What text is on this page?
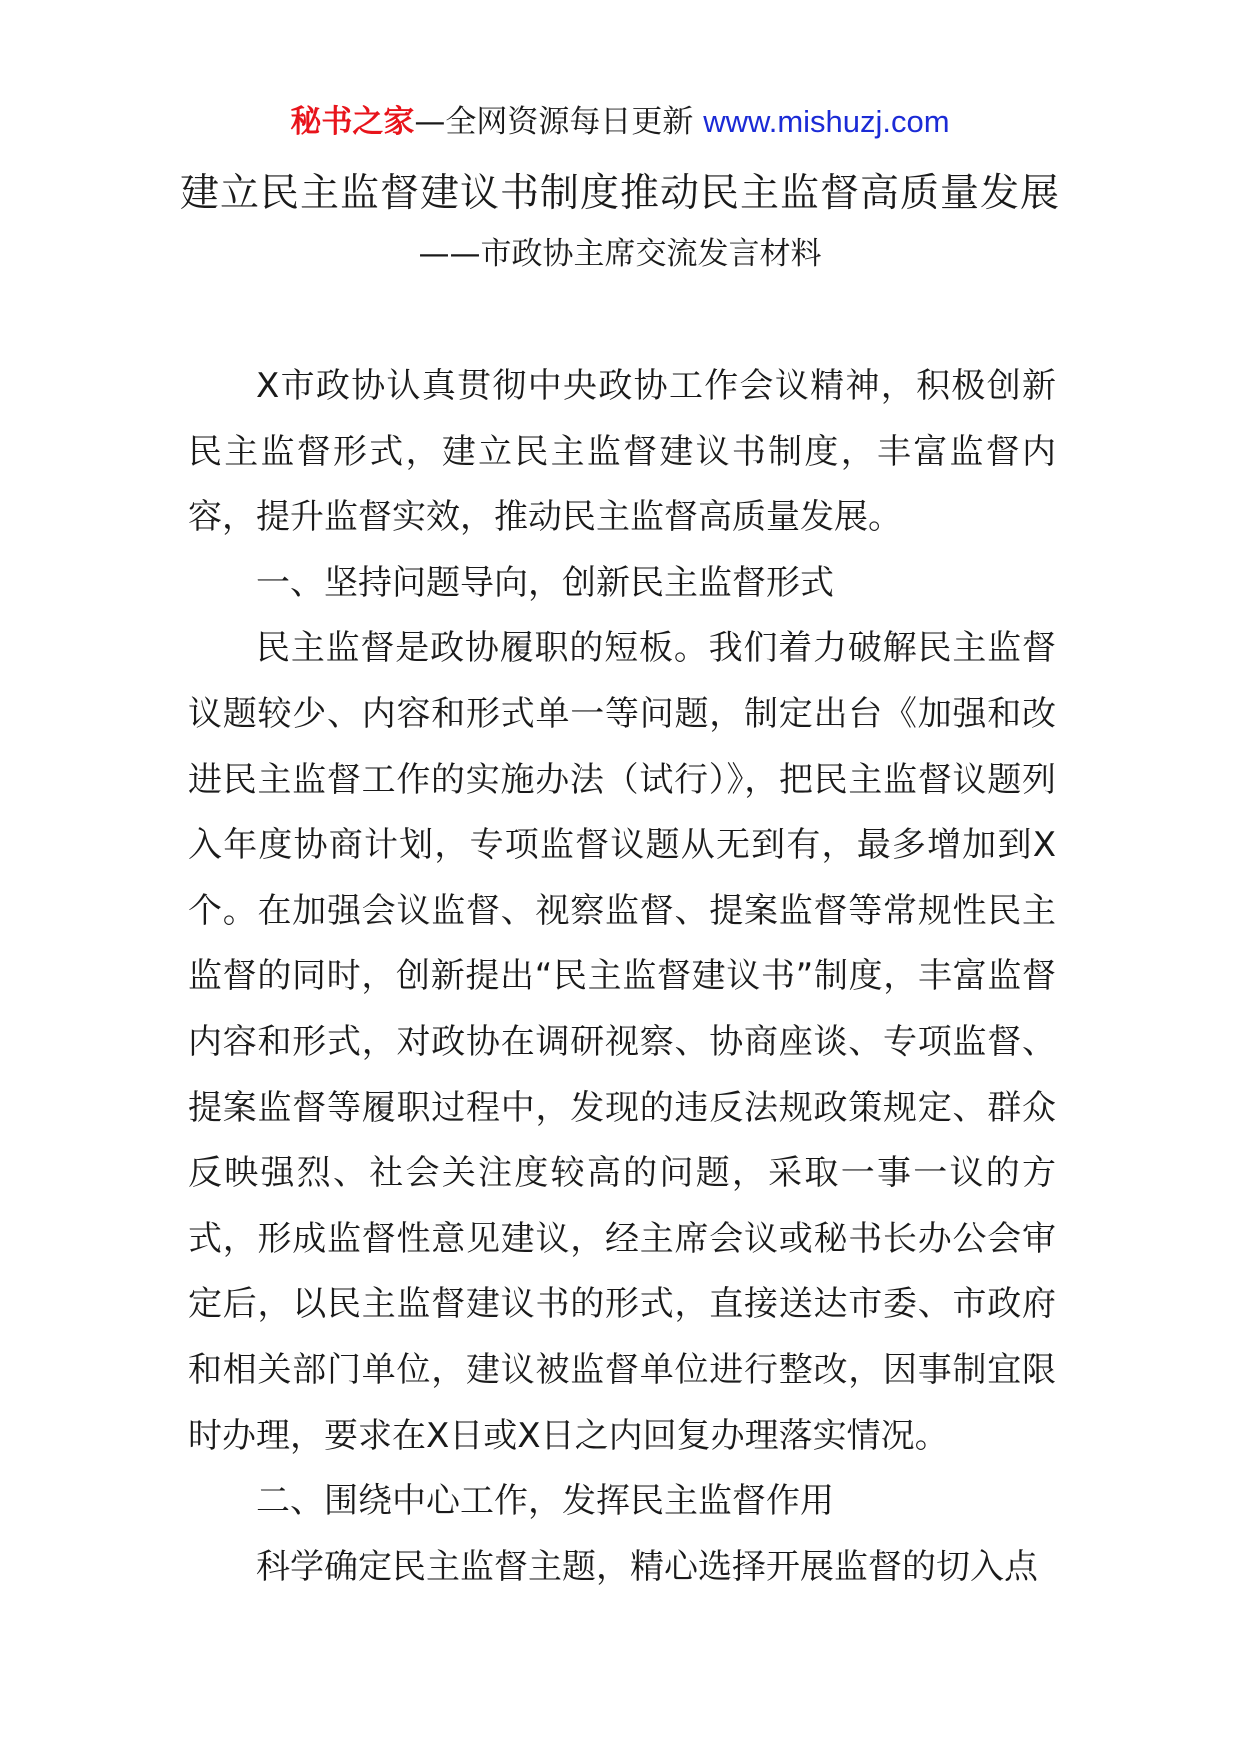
秘书之家—全网资源每日更新 www.mishuzj.com
建立民主监督建议书制度推动民主监督高质量发展
——市政协主席交流发言材料

X市政协认真贯彻中央政协工作会议精神，积极创新民主监督形式，建立民主监督建议书制度，丰富监督内容，提升监督实效，推动民主监督高质量发展。

一、坚持问题导向，创新民主监督形式

民主监督是政协履职的短板。我们着力破解民主监督议题较少、内容和形式单一等问题，制定出台《加强和改进民主监督工作的实施办法（试行）》，把民主监督议题列入年度协商计划，专项监督议题从无到有，最多增加到X个。在加强会议监督、视察监督、提案监督等常规性民主监督的同时，创新提出“民主监督建议书”制度，丰富监督内容和形式，对政协在调研视察、协商座谈、专项监督、提案监督等履职过程中，发现的违反法规政策规定、群众反映强烈、社会关注度较高的问题，采取一事一议的方式，形成监督性意见建议，经主席会议或秘书长办公会审定后，以民主监督建议书的形式，直接送达市委、市政府和相关部门单位，建议被监督单位进行整改，因事制宜限时办理，要求在X日或X日之内回复办理落实情况。

二、围绕中心工作，发挥民主监督作用

科学确定民主监督主题，精心选择开展监督的切入点
